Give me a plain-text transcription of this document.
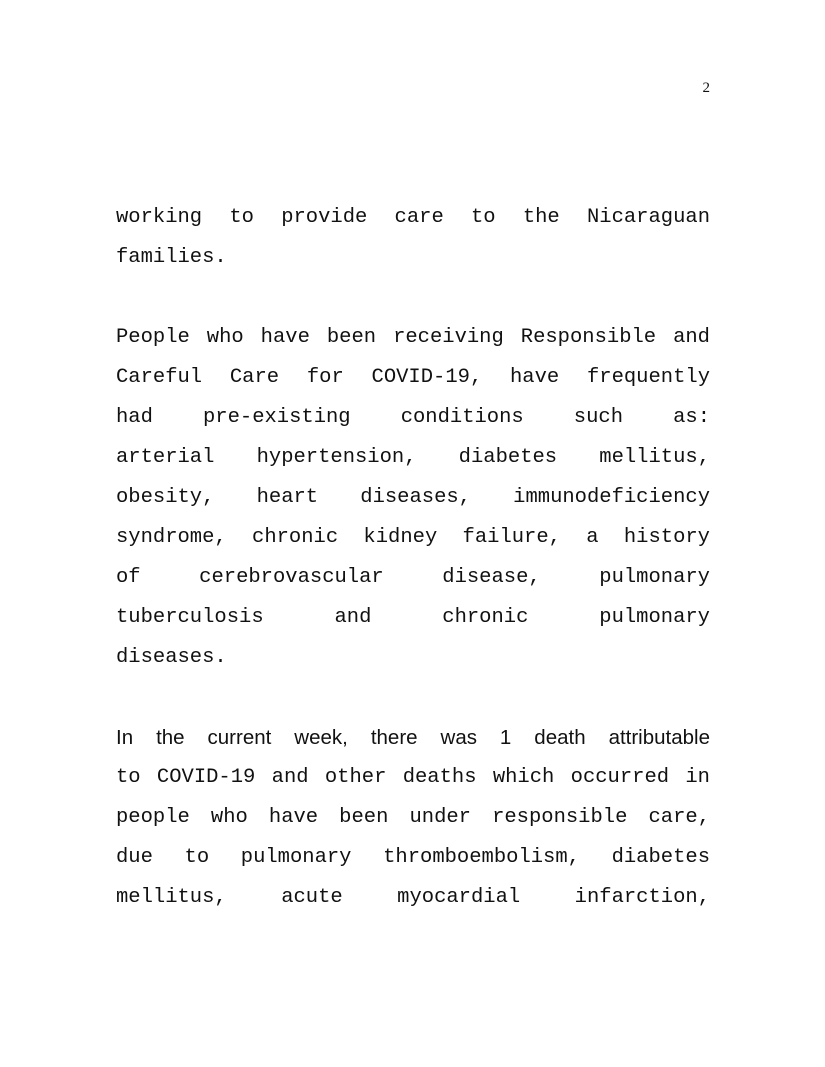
2

working to provide care to the Nicaraguan
families.

People who have been receiving Responsible and
Careful Care for COVID-19, have frequently
had pre-existing conditions such as:
arterial hypertension, diabetes mellitus,
obesity, heart diseases, immunodeficiency
syndrome, chronic kidney failure, a history
of cerebrovascular disease, pulmonary
tuberculosis and chronic pulmonary
diseases.

In the current week, there was 1 death attributable
to COVID-19 and other deaths which occurred in
people who have been under responsible care,
due to pulmonary thromboembolism, diabetes
mellitus, acute myocardial infarction,
